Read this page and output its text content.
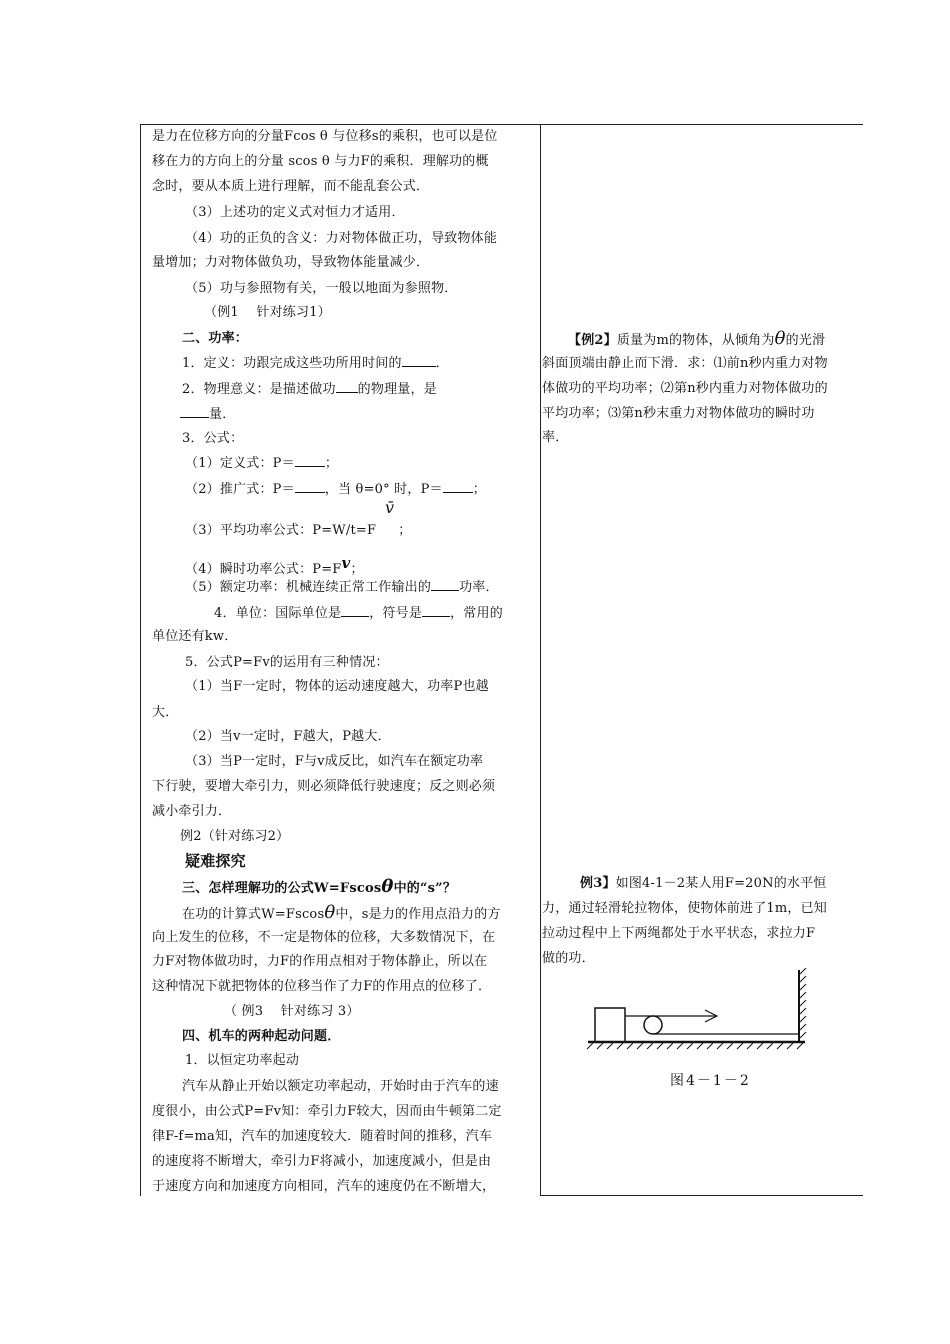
是力在位移方向的分量Fcos θ 与位移s的乘积，也可以是位
移在力的方向上的分量 scos θ 与力F的乘积．理解功的概
念时，要从本质上进行理解，而不能乱套公式．
（3）上述功的定义式对恒力才适用．
（4）功的正负的含义：力对物体做正功，导致物体能
量增加；力对物体做负功，导致物体能量减少．
（5）功与参照物有关，一般以地面为参照物．
（例1　 针对练习1）
二、功率：
1．定义：功跟完成这些功所用时间的	．
2．物理意义：是描述做功 的物理量，是
量．
3．公式：
（1）定义式：P＝ ；
（2）推广式：P＝ ，当 θ=0° 时，P＝ ；
v̄
（3）平均功率公式：P=W/t=F ；
（4）瞬时功率公式：P=Fv；
（5）额定功率：机械连续正常工作输出的 功率．
4．单位：国际单位是 ，符号是 ，常用的
单位还有kw．
5．公式P=Fv的运用有三种情况：
（1）当F一定时，物体的运动速度越大，功率P也越
大．
（2）当v一定时，F越大，P越大．
（3）当P一定时，F与v成反比，如汽车在额定功率
下行驶，要增大牵引力，则必须降低行驶速度；反之则必须
减小牵引力．
例2（针对练习2）
疑难探究
三、怎样理解功的公式W=Fscosθ中的“s”？
在功的计算式W=Fscosθ中，s是力的作用点沿力的方
向上发生的位移，不一定是物体的位移，大多数情况下，在
力F对物体做功时，力F的作用点相对于物体静止，所以在
这种情况下就把物体的位移当作了力F的作用点的位移了．
（ 例3　 针对练习 3）
四、机车的两种起动问题．
1．以恒定功率起动
汽车从静止开始以额定功率起动，开始时由于汽车的速
度很小，由公式P=Fv知：牵引力F较大，因而由牛顿第二定
律F-f=ma知，汽车的加速度较大．随着时间的推移，汽车
的速度将不断增大，牵引力F将减小，加速度减小，但是由
于速度方向和加速度方向相同，汽车的速度仍在不断增大，
【例2】质量为m的物体，从倾角为θ的光滑
斜面顶端由静止而下滑．求：⑴前n秒内重力对物
体做功的平均功率；⑵第n秒内重力对物体做功的
平均功率；⑶第n秒末重力对物体做功的瞬时功
率．
例3】如图4-1－2某人用F=20N的水平恒
力，通过轻滑轮拉物体，使物体前进了1m，已知
拉动过程中上下两绳都处于水平状态，求拉力F
做的功．
图4－1－2
